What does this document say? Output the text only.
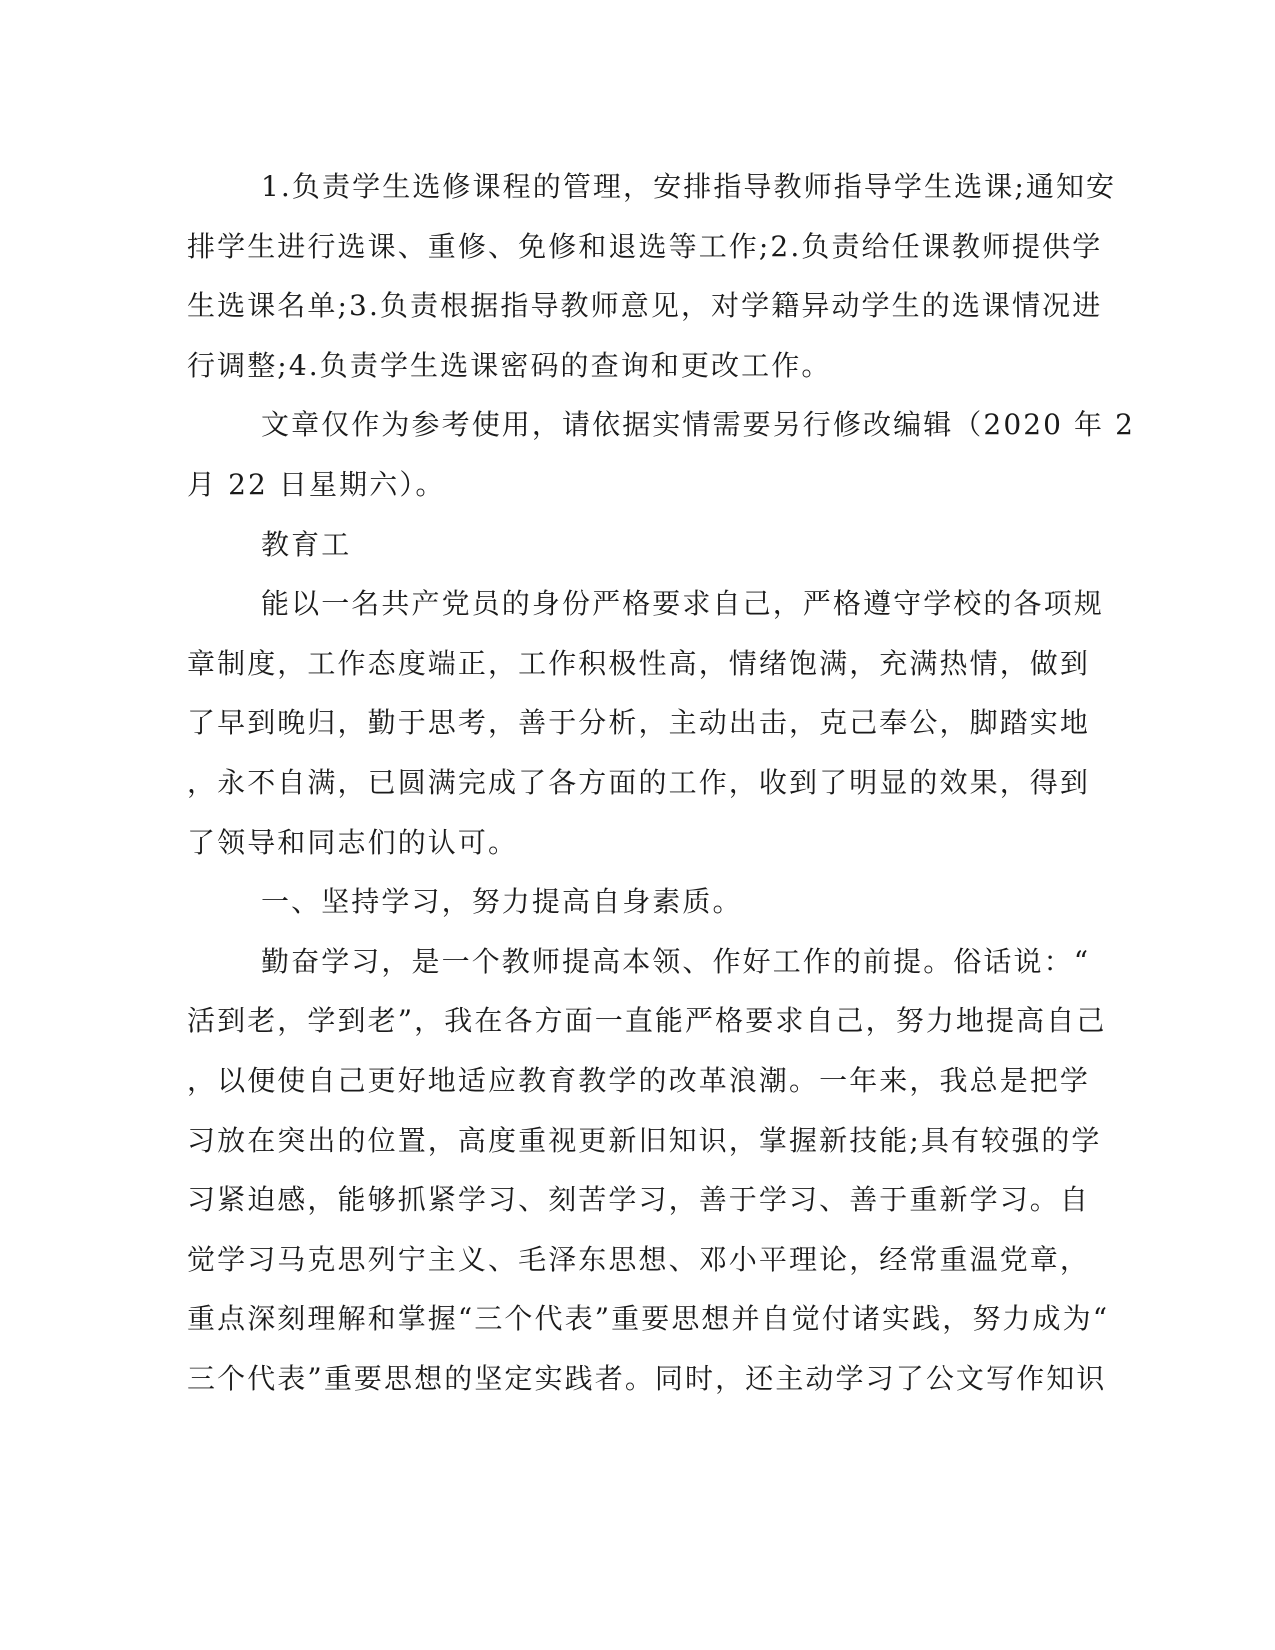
1.负责学生选修课程的管理，安排指导教师指导学生选课;通知安
排学生进行选课、重修、免修和退选等工作;2.负责给任课教师提供学
生选课名单;3.负责根据指导教师意见，对学籍异动学生的选课情况进
行调整;4.负责学生选课密码的查询和更改工作。
文章仅作为参考使用，请依据实情需要另行修改编辑（2020 年 2
月 22 日星期六）。
教育工
能以一名共产党员的身份严格要求自己，严格遵守学校的各项规
章制度，工作态度端正，工作积极性高，情绪饱满，充满热情，做到
了早到晚归，勤于思考，善于分析，主动出击，克己奉公，脚踏实地
，永不自满，已圆满完成了各方面的工作，收到了明显的效果，得到
了领导和同志们的认可。
一、坚持学习，努力提高自身素质。
勤奋学习，是一个教师提高本领、作好工作的前提。俗话说：“
活到老，学到老”，我在各方面一直能严格要求自己，努力地提高自己
，以便使自己更好地适应教育教学的改革浪潮。一年来，我总是把学
习放在突出的位置，高度重视更新旧知识，掌握新技能;具有较强的学
习紧迫感，能够抓紧学习、刻苦学习，善于学习、善于重新学习。自
觉学习马克思列宁主义、毛泽东思想、邓小平理论，经常重温党章，
重点深刻理解和掌握“三个代表”重要思想并自觉付诸实践，努力成为“
三个代表”重要思想的坚定实践者。同时，还主动学习了公文写作知识
